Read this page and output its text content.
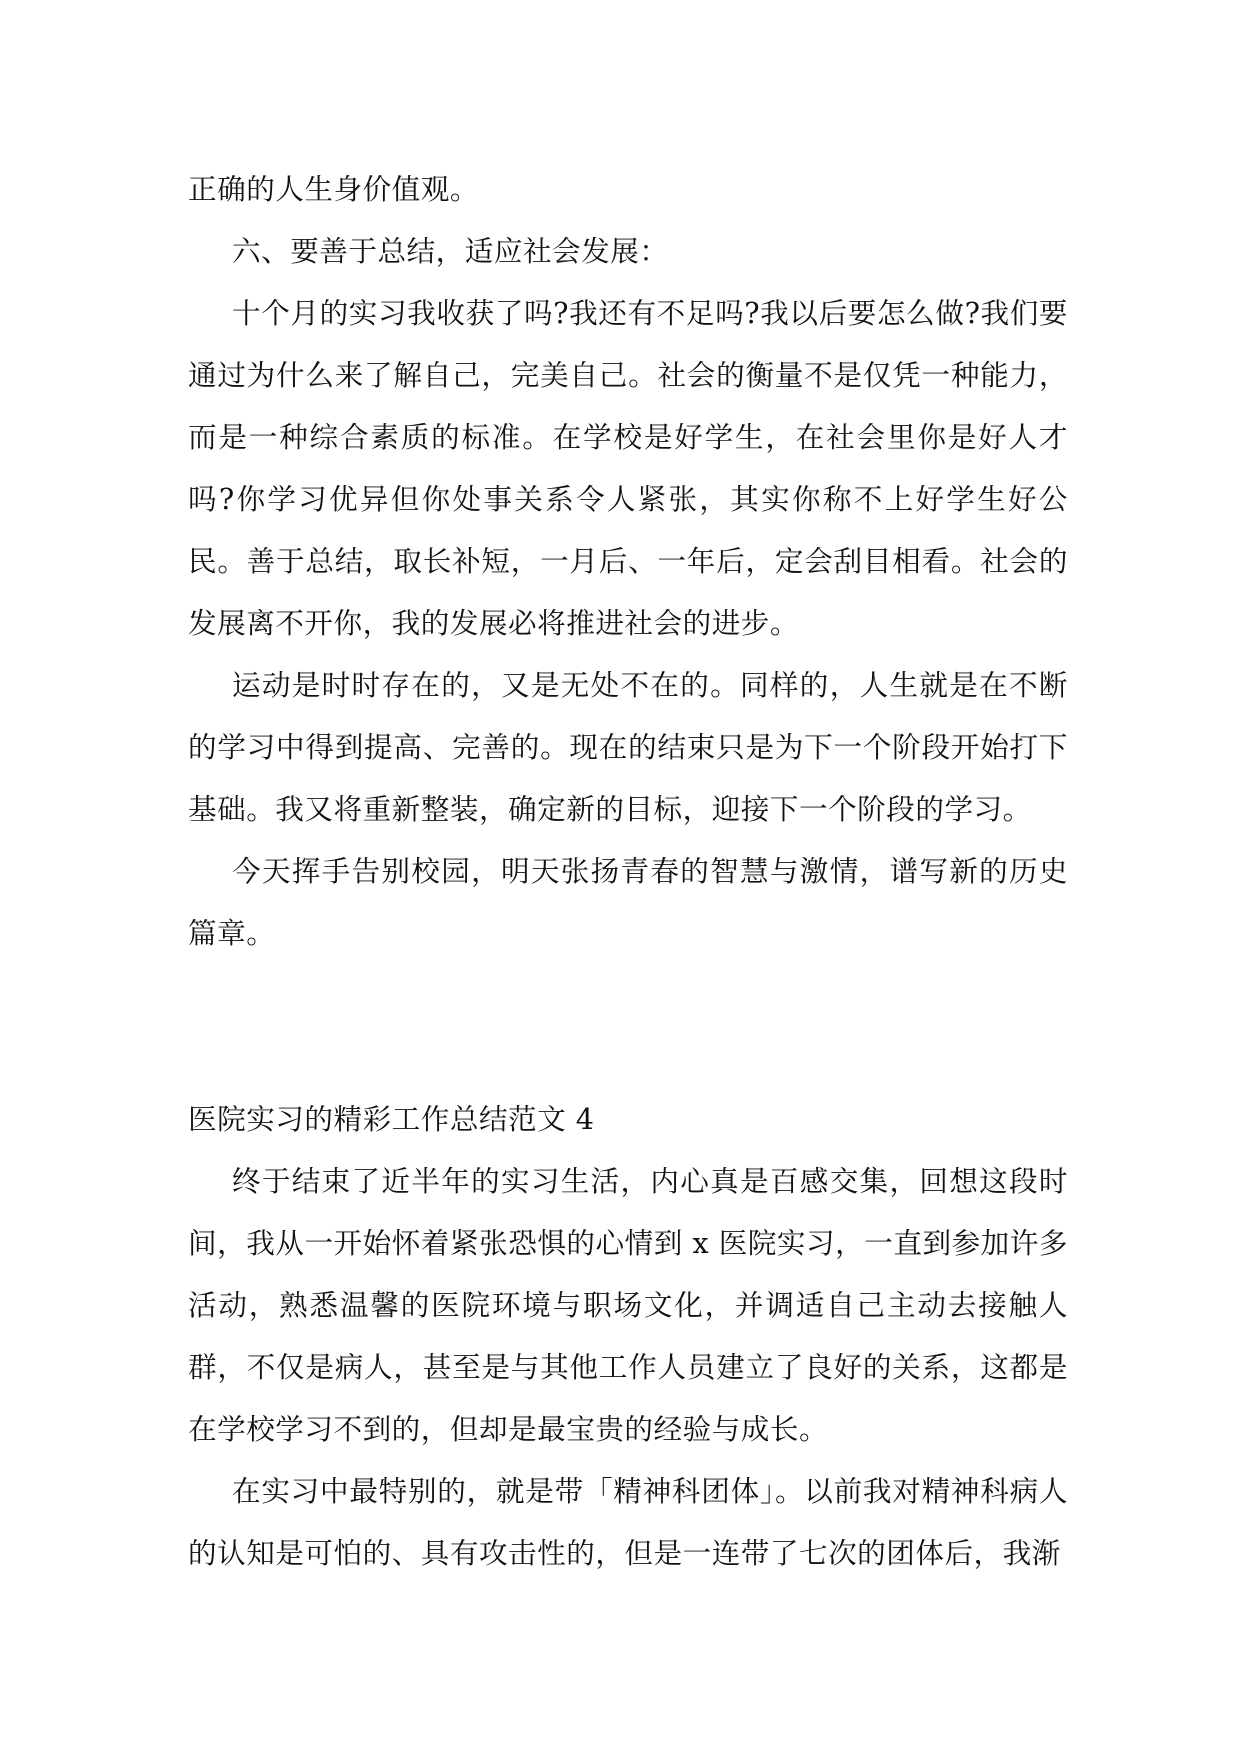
正确的人生身价值观。

六、要善于总结，适应社会发展：

十个月的实习我收获了吗?我还有不足吗?我以后要怎么做?我们要通过为什么来了解自己，完美自己。社会的衡量不是仅凭一种能力，而是一种综合素质的标准。在学校是好学生，在社会里你是好人才吗?你学习优异但你处事关系令人紧张，其实你称不上好学生好公民。善于总结，取长补短，一月后、一年后，定会刮目相看。社会的发展离不开你，我的发展必将推进社会的进步。

运动是时时存在的，又是无处不在的。同样的，人生就是在不断的学习中得到提高、完善的。现在的结束只是为下一个阶段开始打下基础。我又将重新整装，确定新的目标，迎接下一个阶段的学习。

今天挥手告别校园，明天张扬青春的智慧与激情，谱写新的历史篇章。

医院实习的精彩工作总结范文 4

终于结束了近半年的实习生活，内心真是百感交集，回想这段时间，我从一开始怀着紧张恐惧的心情到 x 医院实习，一直到参加许多活动，熟悉温馨的医院环境与职场文化，并调适自己主动去接触人群，不仅是病人，甚至是与其他工作人员建立了良好的关系，这都是在学校学习不到的，但却是最宝贵的经验与成长。

在实习中最特别的，就是带「精神科团体」。以前我对精神科病人的认知是可怕的、具有攻击性的，但是一连带了七次的团体后，我渐
